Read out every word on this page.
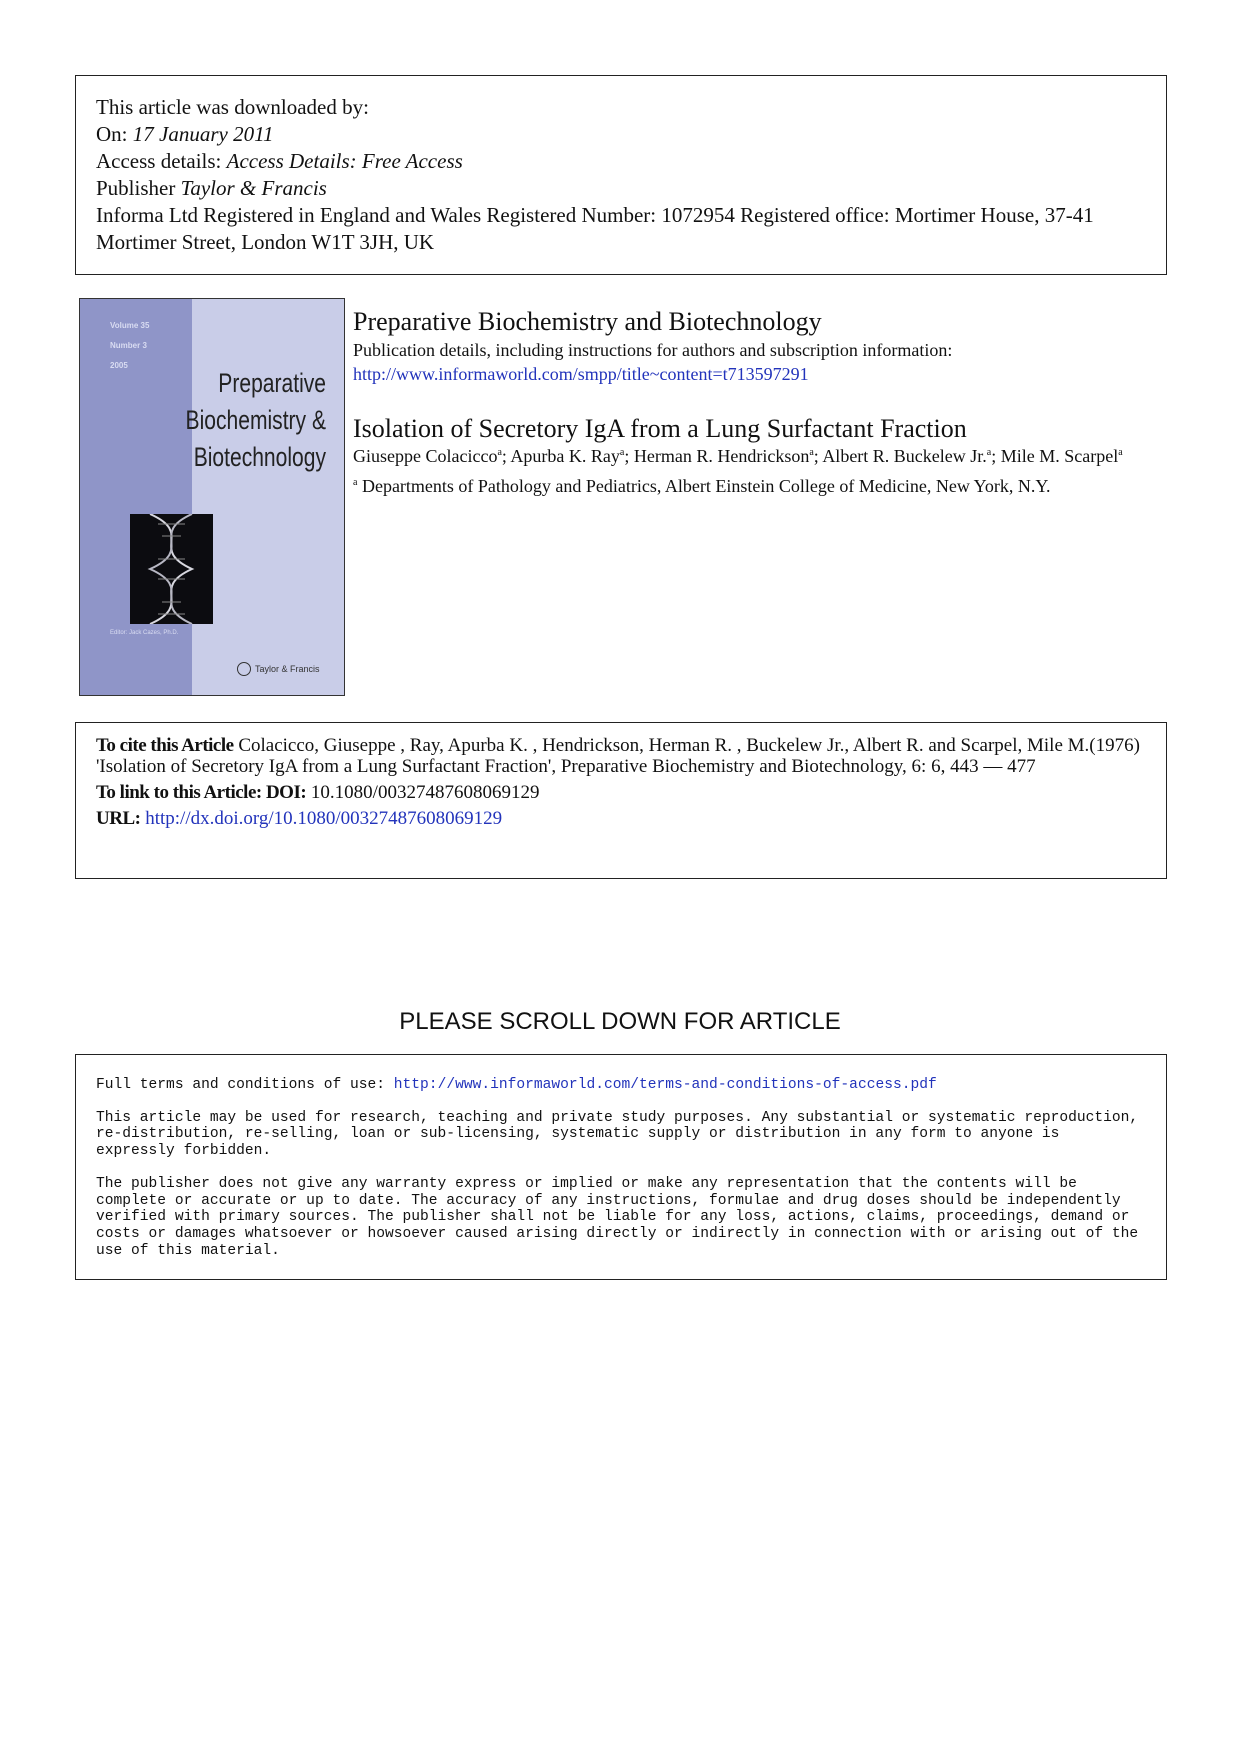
This article was downloaded by:
On: 17 January 2011
Access details: Access Details: Free Access
Publisher Taylor & Francis
Informa Ltd Registered in England and Wales Registered Number: 1072954 Registered office: Mortimer House, 37-41 Mortimer Street, London W1T 3JH, UK
Volume 35
Number 3
2005
Preparative
Biochemistry &
Biotechnology
Editor: Jack Cazes, Ph.D.
Taylor & Francis
Preparative Biochemistry and Biotechnology
Publication details, including instructions for authors and subscription information:
http://www.informaworld.com/smpp/title~content=t713597291
Isolation of Secretory IgA from a Lung Surfactant Fraction
Giuseppe Colacicco$^a$; Apurba K. Ray$^a$; Herman R. Hendrickson$^a$; Albert R. Buckelew Jr.$^a$; Mile M. Scarpel$^a$
$^a$ Departments of Pathology and Pediatrics, Albert Einstein College of Medicine, New York, N.Y.
To cite this Article Colacicco, Giuseppe , Ray, Apurba K. , Hendrickson, Herman R. , Buckelew Jr., Albert R. and Scarpel, Mile M.(1976) 'Isolation of Secretory IgA from a Lung Surfactant Fraction', Preparative Biochemistry and Biotechnology, 6: 6, 443 — 477
To link to this Article: DOI: 10.1080/00327487608069129
URL: http://dx.doi.org/10.1080/00327487608069129
PLEASE SCROLL DOWN FOR ARTICLE

Full terms and conditions of use: http://www.informaworld.com/terms-and-conditions-of-access.pdf

This article may be used for research, teaching and private study purposes. Any substantial or systematic reproduction, re-distribution, re-selling, loan or sub-licensing, systematic supply or distribution in any form to anyone is expressly forbidden.

The publisher does not give any warranty express or implied or make any representation that the contents will be complete or accurate or up to date. The accuracy of any instructions, formulae and drug doses should be independently verified with primary sources. The publisher shall not be liable for any loss, actions, claims, proceedings, demand or costs or damages whatsoever or howsoever caused arising directly or indirectly in connection with or arising out of the use of this material.
